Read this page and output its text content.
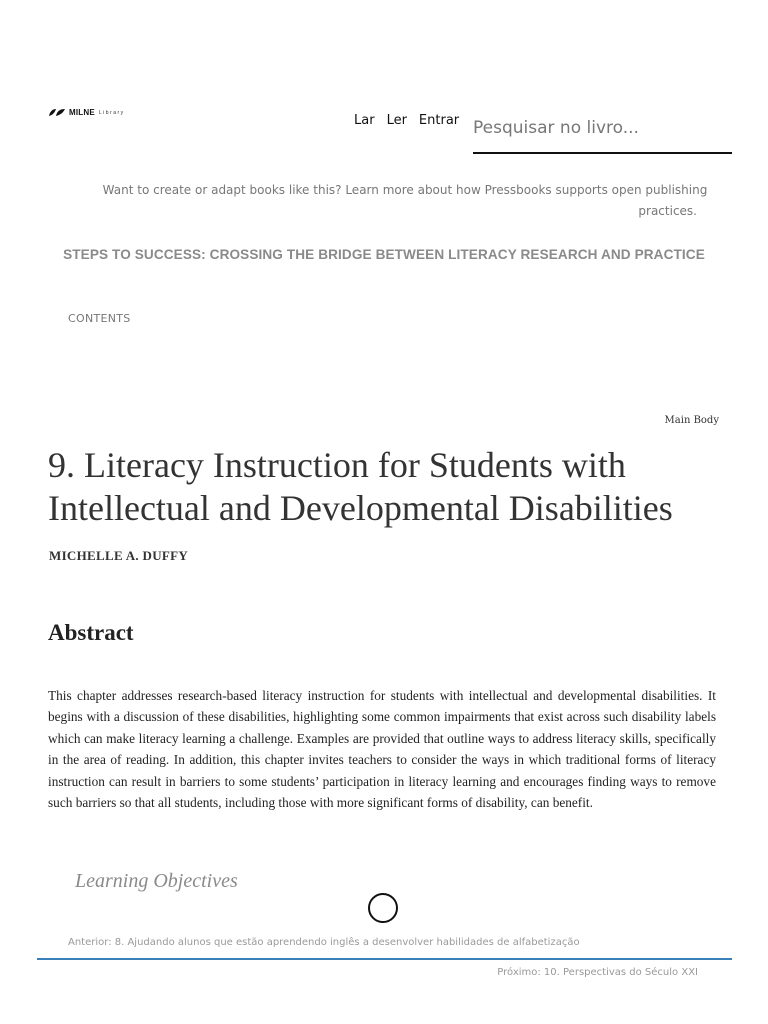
MILNE Library
Lar Ler Entrar
Pesquisar no livro...
Want to create or adapt books like this? Learn more about how Pressbooks supports open publishing
practices.
STEPS TO SUCCESS: CROSSING THE BRIDGE BETWEEN LITERACY RESEARCH AND PRACTICE
CONTENTS
Main Body
9. Literacy Instruction for Students with Intellectual and Developmental Disabilities
MICHELLE A. DUFFY
Abstract

This chapter addresses research-based literacy instruction for students with intellectual and developmental disabilities. It begins with a discussion of these disabilities, highlighting some common impairments that exist across such disability labels which can make literacy learning a challenge. Examples are provided that outline ways to address literacy skills, specifically in the area of reading. In addition, this chapter invites teachers to consider the ways in which traditional forms of literacy instruction can result in barriers to some students’ participation in literacy learning and encourages finding ways to remove such barriers so that all students, including those with more significant forms of disability, can benefit.

Learning Objectives
Anterior: 8. Ajudando alunos que estão aprendendo inglês a desenvolver habilidades de alfabetização
Próximo: 10. Perspectivas do Século XXI
